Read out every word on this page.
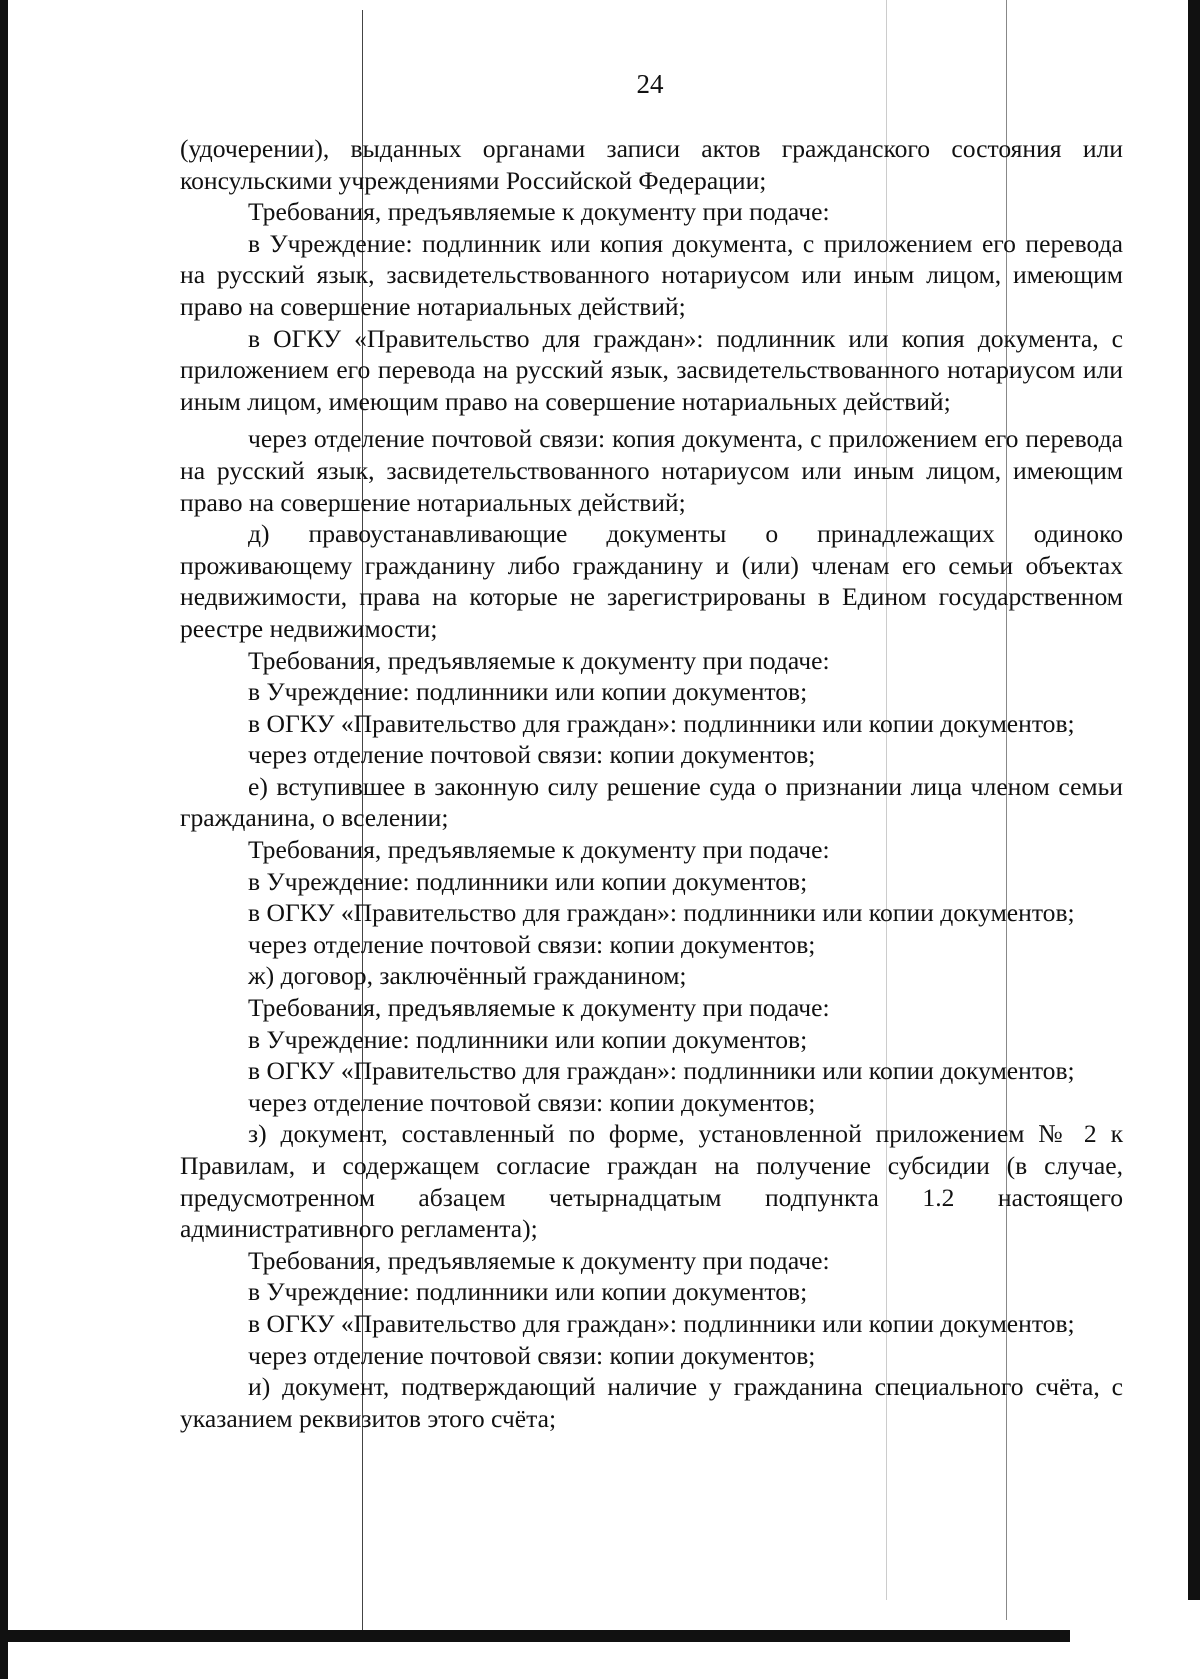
24

(удочерении), выданных органами записи актов гражданского состояния или консульскими учреждениями Российской Федерации;

Требования, предъявляемые к документу при подаче:

в Учреждение: подлинник или копия документа, с приложением его перевода на русский язык, засвидетельствованного нотариусом или иным лицом, имеющим право на совершение нотариальных действий;

в ОГКУ «Правительство для граждан»: подлинник или копия документа, с приложением его перевода на русский язык, засвидетельствованного нотариусом или иным лицом, имеющим право на совершение нотариальных действий;

через отделение почтовой связи: копия документа, с приложением его перевода на русский язык, засвидетельствованного нотариусом или иным лицом, имеющим право на совершение нотариальных действий;

д) правоустанавливающие документы о принадлежащих одиноко проживающему гражданину либо гражданину и (или) членам его семьи объектах недвижимости, права на которые не зарегистрированы в Едином государственном реестре недвижимости;

Требования, предъявляемые к документу при подаче:

в Учреждение: подлинники или копии документов;

в ОГКУ «Правительство для граждан»: подлинники или копии документов;

через отделение почтовой связи: копии документов;

е) вступившее в законную силу решение суда о признании лица членом семьи гражданина, о вселении;

Требования, предъявляемые к документу при подаче:

в Учреждение: подлинники или копии документов;

в ОГКУ «Правительство для граждан»: подлинники или копии документов;

через отделение почтовой связи: копии документов;

ж) договор, заключённый гражданином;

Требования, предъявляемые к документу при подаче:

в Учреждение: подлинники или копии документов;

в ОГКУ «Правительство для граждан»: подлинники или копии документов;

через отделение почтовой связи: копии документов;

з) документ, составленный по форме, установленной приложением № 2 к Правилам, и содержащем согласие граждан на получение субсидии (в случае, предусмотренном абзацем четырнадцатым подпункта 1.2 настоящего административного регламента);

Требования, предъявляемые к документу при подаче:

в Учреждение: подлинники или копии документов;

в ОГКУ «Правительство для граждан»: подлинники или копии документов;

через отделение почтовой связи: копии документов;

и) документ, подтверждающий наличие у гражданина специального счёта, с указанием реквизитов этого счёта;
